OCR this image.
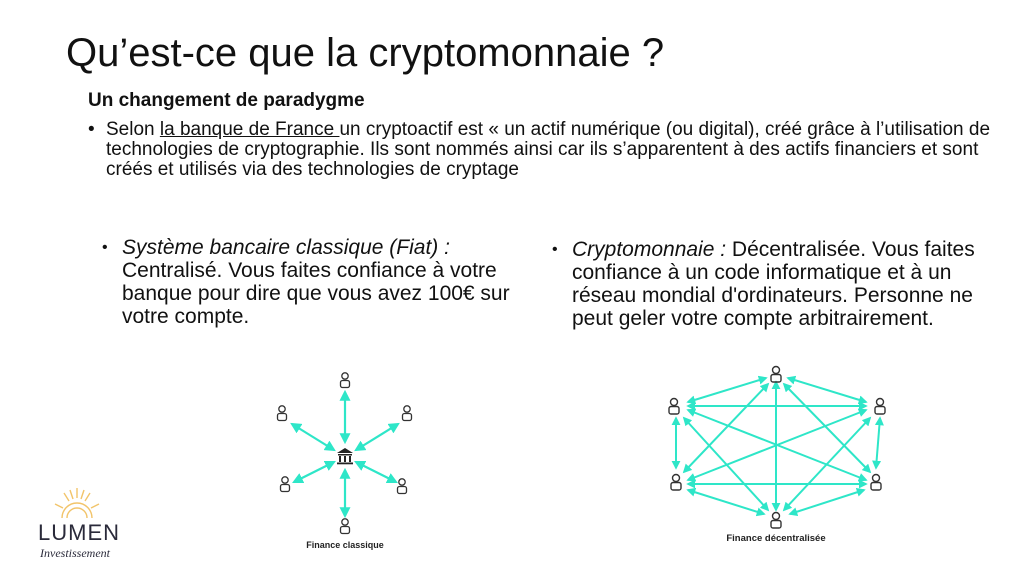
Qu’est-ce que la cryptomonnaie ?
Un changement de paradygme
• Selon la banque de France un cryptoactif est « un actif numérique (ou digital), créé grâce à l’utilisation de technologies de cryptographie. Ils sont nommés ainsi car ils s’apparentent à des actifs financiers et sont créés et utilisés via des technologies de cryptage
• Système bancaire classique (Fiat) : Centralisé. Vous faites confiance à votre banque pour dire que vous avez 100€ sur votre compte.
• Cryptomonnaie : Décentralisée. Vous faites confiance à un code informatique et à un réseau mondial d'ordinateurs. Personne ne peut geler votre compte arbitrairement.
Finance classique
Finance décentralisée
LUMEN
Investissement
